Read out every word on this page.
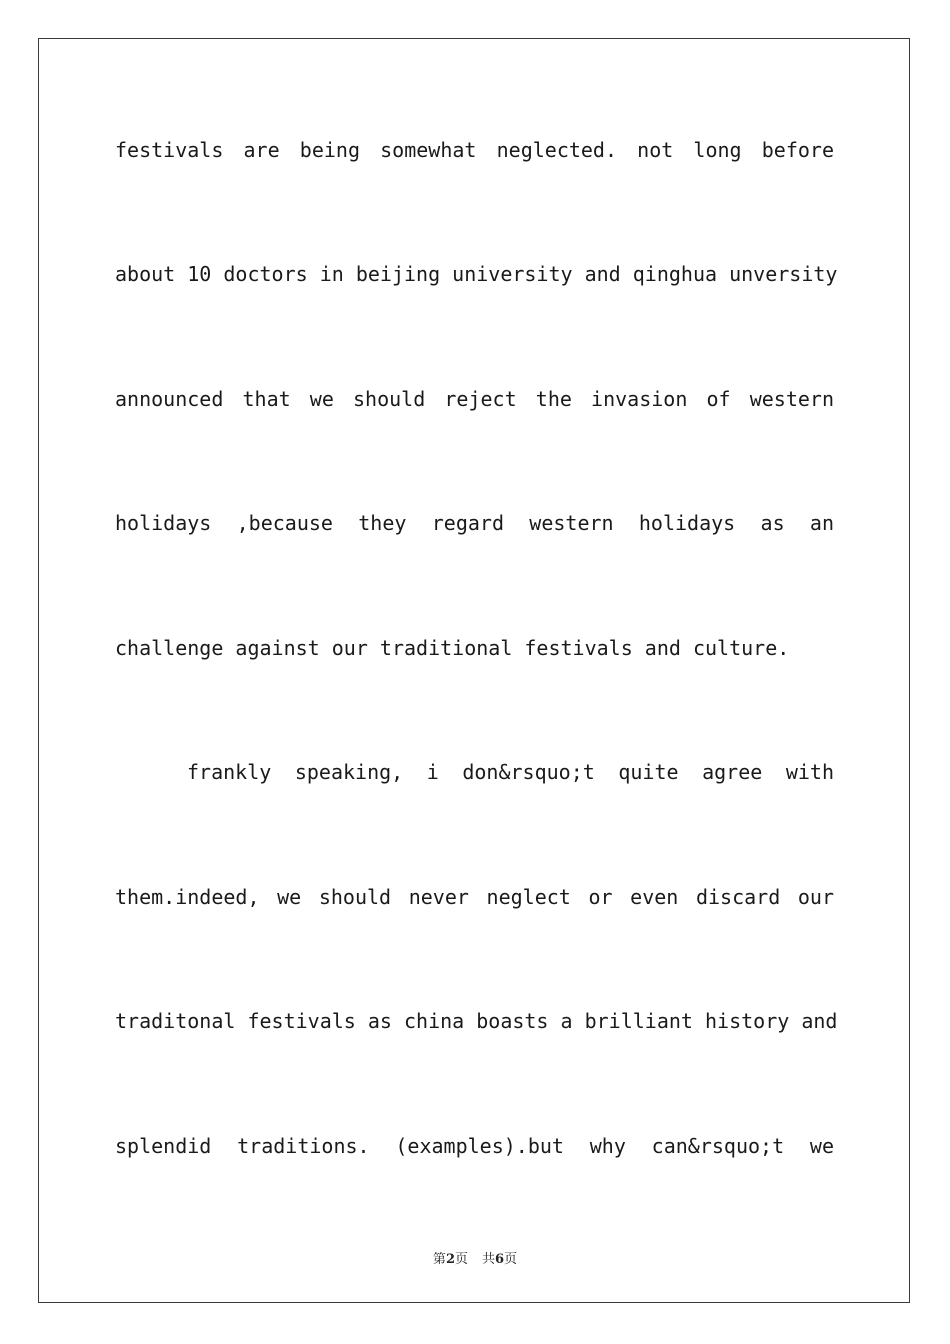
festivals are being somewhat neglected. not long before
about 10 doctors in beijing university and qinghua unversity
announced that we should reject the invasion of western
holidays ,because they regard western holidays as an
challenge against our traditional festivals and culture.
frankly speaking, i don&rsquo;t quite agree with
them.indeed, we should never neglect or even discard our
traditonal festivals as china boasts a brilliant history and
splendid traditions. (examples).but why can&rsquo;t we
第2页 共6页
